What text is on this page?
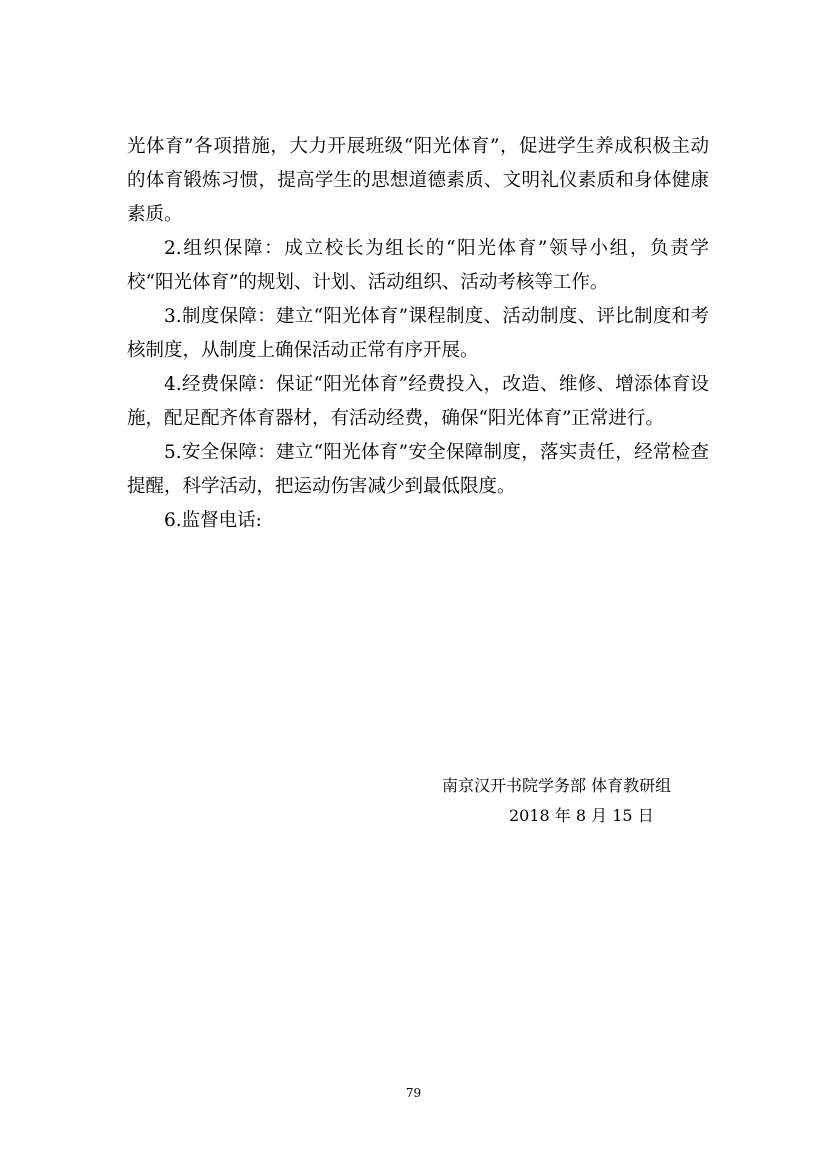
光体育”各项措施，大力开展班级“阳光体育”，促进学生养成积极主动的体育锻炼习惯，提高学生的思想道德素质、文明礼仪素质和身体健康素质。

2.组织保障：成立校长为组长的“阳光体育”领导小组，负责学校“阳光体育”的规划、计划、活动组织、活动考核等工作。

3.制度保障：建立“阳光体育”课程制度、活动制度、评比制度和考核制度，从制度上确保活动正常有序开展。

4.经费保障：保证“阳光体育”经费投入，改造、维修、增添体育设施，配足配齐体育器材，有活动经费，确保“阳光体育”正常进行。

5.安全保障：建立“阳光体育”安全保障制度，落实责任，经常检查提醒，科学活动，把运动伤害减少到最低限度。

6.监督电话:

南京汉开书院学务部 体育教研组
2018 年 8 月 15 日
79
